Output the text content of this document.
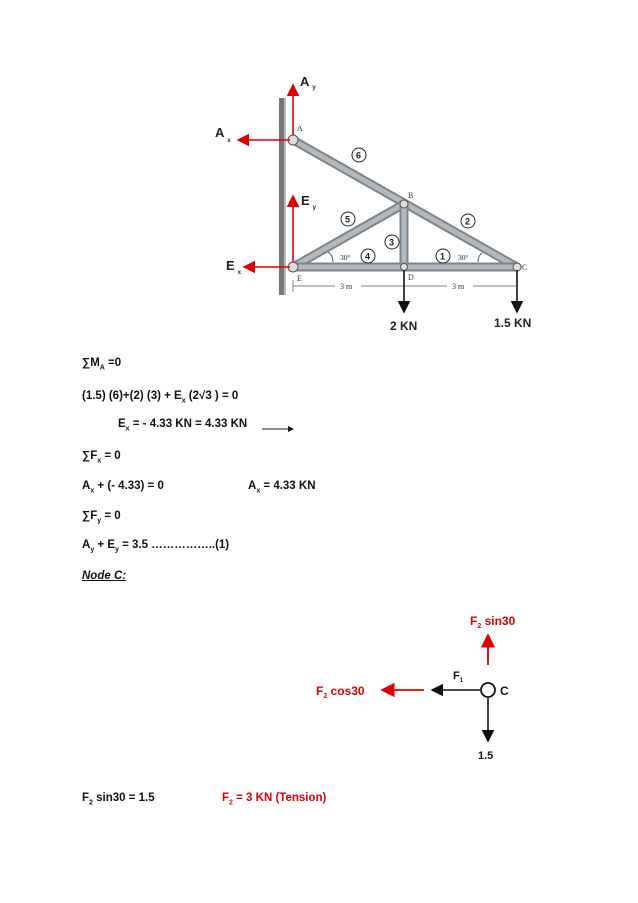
A
B
C
D
E
6
5	2
3
4	1
30°	30°
3 m	3 m
2 KN	1.5 KN
A $_y$
$A_x$
E $_y$
E $_x$
$\sum M_A =0$
(1.5) (6)+(2) $(3) + E_x$ (2√3 ) = 0
$E_x$ = - 4.33 KN = 4.33 KN
$\sum F_x = 0$
$A_x$ + (- 4.33) = 0	$A_x = 4.33$ KN
$\sum F_y = 0$
$A_y + E_y = 3.5$ ……………..(1)
Node C:
$F_2$ sin30
$F_2$ cos30
$F_1$
C
1.5
$F_2$ sin30 = 1.5	$F_2 = 3$ KN (Tension)
